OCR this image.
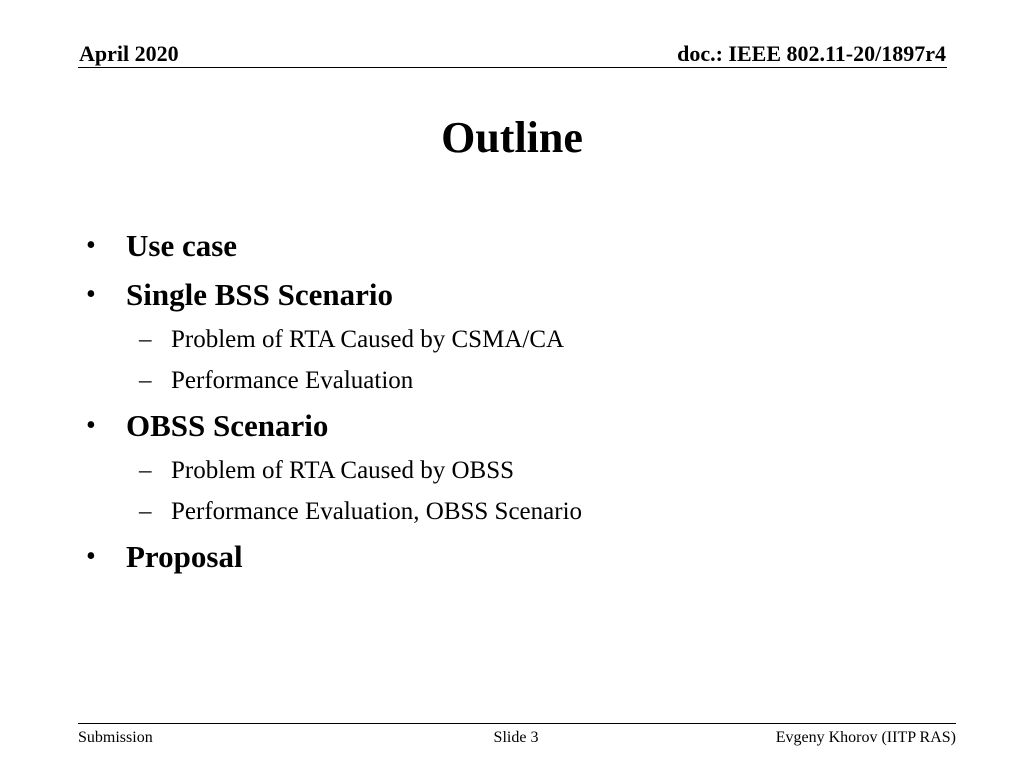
April 2020	doc.: IEEE 802.11-20/1897r4
Outline
• Use case
• Single BSS Scenario
– Problem of RTA Caused by CSMA/CA
– Performance Evaluation
• OBSS Scenario
– Problem of RTA Caused by OBSS
– Performance Evaluation, OBSS Scenario
• Proposal
Submission	Slide 3	Evgeny Khorov (IITP RAS)
